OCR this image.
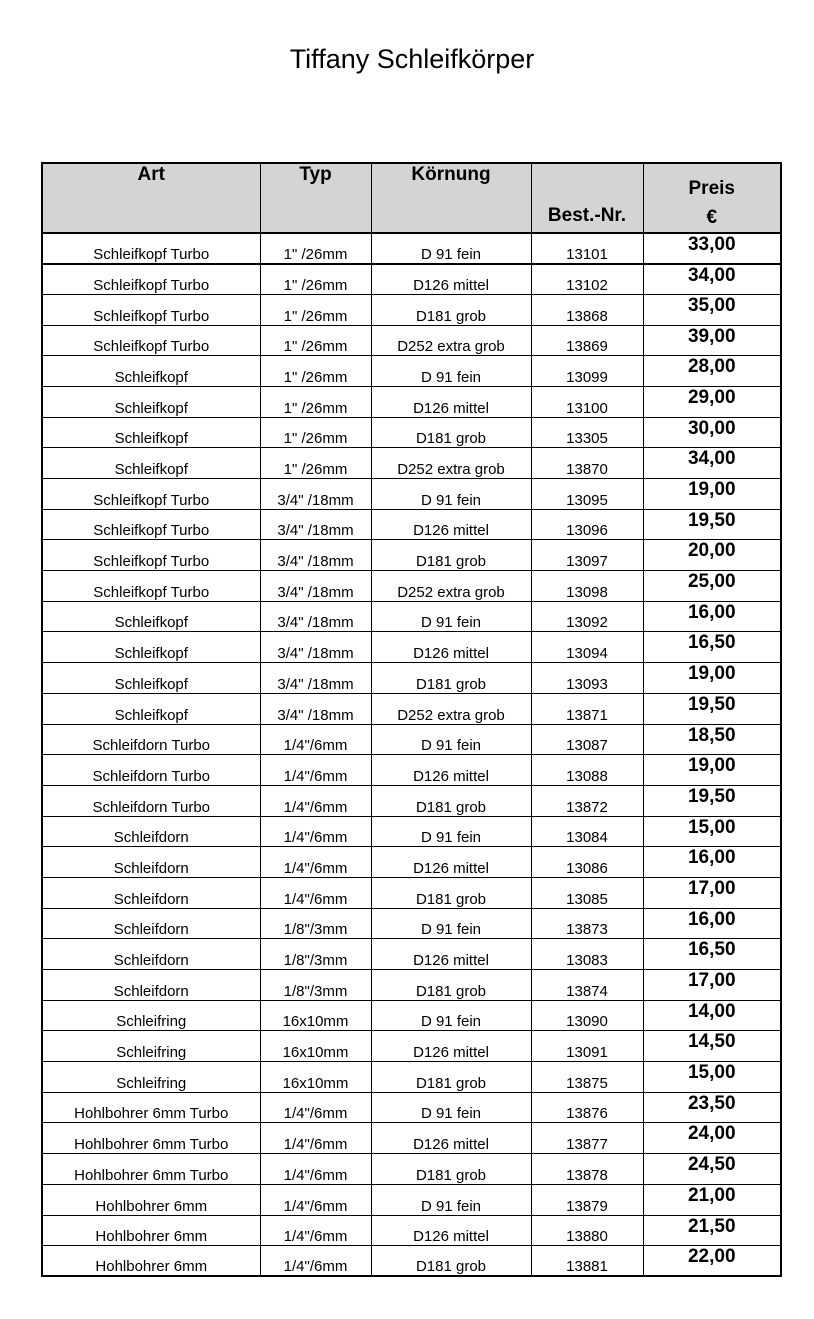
Tiffany Schleifkörper
Art	Typ	Körnung	Best.-Nr.	Preis
€
Schleifkopf Turbo	1" /26mm	D 91 fein	13101	33,00
Schleifkopf Turbo	1" /26mm	D126 mittel	13102	34,00
Schleifkopf Turbo	1" /26mm	D181 grob	13868	35,00
Schleifkopf Turbo	1" /26mm	D252 extra grob	13869	39,00
Schleifkopf	1" /26mm	D 91 fein	13099	28,00
Schleifkopf	1" /26mm	D126 mittel	13100	29,00
Schleifkopf	1" /26mm	D181 grob	13305	30,00
Schleifkopf	1" /26mm	D252 extra grob	13870	34,00
Schleifkopf Turbo	3/4" /18mm	D 91 fein	13095	19,00
Schleifkopf Turbo	3/4" /18mm	D126 mittel	13096	19,50
Schleifkopf Turbo	3/4" /18mm	D181 grob	13097	20,00
Schleifkopf Turbo	3/4" /18mm	D252 extra grob	13098	25,00
Schleifkopf	3/4" /18mm	D 91 fein	13092	16,00
Schleifkopf	3/4" /18mm	D126 mittel	13094	16,50
Schleifkopf	3/4" /18mm	D181 grob	13093	19,00
Schleifkopf	3/4" /18mm	D252 extra grob	13871	19,50
Schleifdorn Turbo	1/4"/6mm	D 91 fein	13087	18,50
Schleifdorn Turbo	1/4"/6mm	D126 mittel	13088	19,00
Schleifdorn Turbo	1/4"/6mm	D181 grob	13872	19,50
Schleifdorn	1/4"/6mm	D 91 fein	13084	15,00
Schleifdorn	1/4"/6mm	D126 mittel	13086	16,00
Schleifdorn	1/4"/6mm	D181 grob	13085	17,00
Schleifdorn	1/8"/3mm	D 91 fein	13873	16,00
Schleifdorn	1/8"/3mm	D126 mittel	13083	16,50
Schleifdorn	1/8"/3mm	D181 grob	13874	17,00
Schleifring	16x10mm	D 91 fein	13090	14,00
Schleifring	16x10mm	D126 mittel	13091	14,50
Schleifring	16x10mm	D181 grob	13875	15,00
Hohlbohrer 6mm Turbo	1/4"/6mm	D 91 fein	13876	23,50
Hohlbohrer 6mm Turbo	1/4"/6mm	D126 mittel	13877	24,00
Hohlbohrer 6mm Turbo	1/4"/6mm	D181 grob	13878	24,50
Hohlbohrer 6mm	1/4"/6mm	D 91 fein	13879	21,00
Hohlbohrer 6mm	1/4"/6mm	D126 mittel	13880	21,50
Hohlbohrer 6mm	1/4"/6mm	D181 grob	13881	22,00
